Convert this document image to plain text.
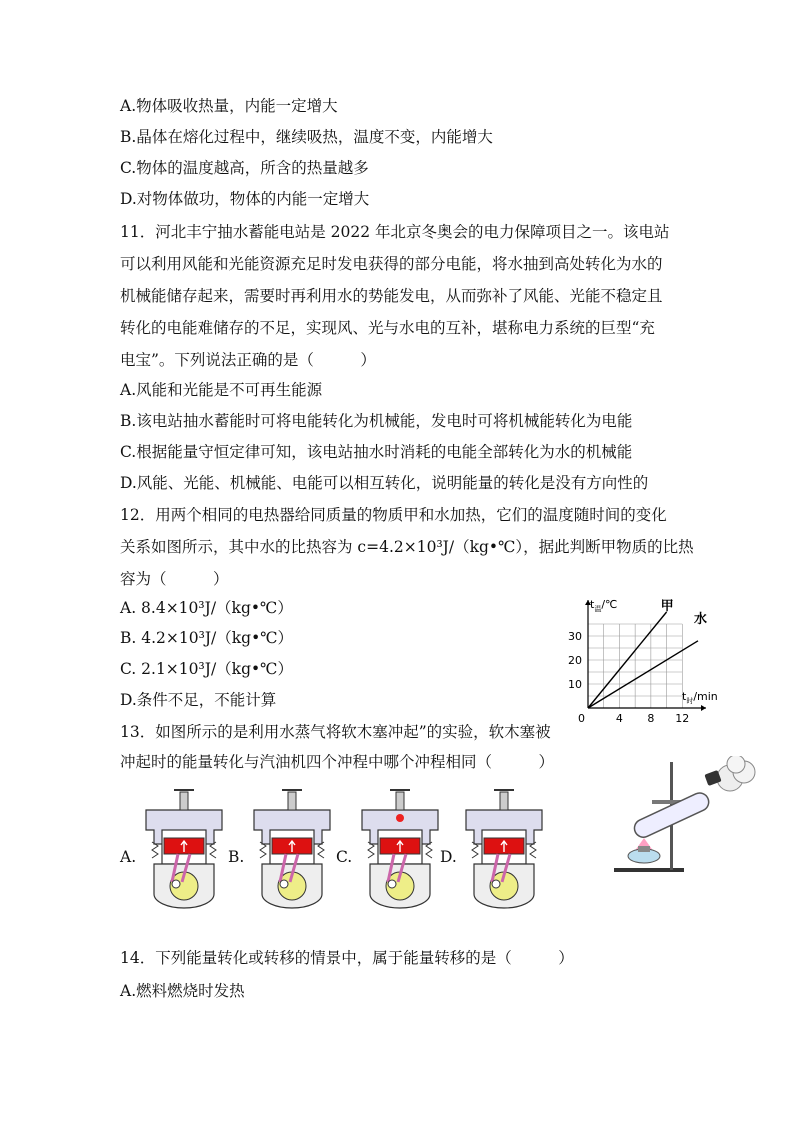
A.物体吸收热量，内能一定增大
B.晶体在熔化过程中，继续吸热，温度不变，内能增大
C.物体的温度越高，所含的热量越多
D.对物体做功，物体的内能一定增大
11．河北丰宁抽水蓄能电站是 2022 年北京冬奥会的电力保障项目之一。该电站
可以利用风能和光能资源充足时发电获得的部分电能，将水抽到高处转化为水的
机械能储存起来，需要时再利用水的势能发电，从而弥补了风能、光能不稳定且
转化的电能难储存的不足，实现风、光与水电的互补，堪称电力系统的巨型“充
电宝”。下列说法正确的是（　　　）
A.风能和光能是不可再生能源
B.该电站抽水蓄能时可将电能转化为机械能，发电时可将机械能转化为电能
C.根据能量守恒定律可知，该电站抽水时消耗的电能全部转化为水的机械能
D.风能、光能、机械能、电能可以相互转化，说明能量的转化是没有方向性的
12．用两个相同的电热器给同质量的物质甲和水加热，它们的温度随时间的变化
关系如图所示，其中水的比热容为 c=4.2×10³J/（kg•℃），据此判断甲物质的比热
容为（　　　）
A. 8.4×10³J/（kg•℃）
B. 4.2×10³J/（kg•℃）
C. 2.1×10³J/（kg•℃）
D.条件不足，不能计算
甲
水
4 8 12
10
20
30
0
$t_温/℃$
$t_时/\min$
13．如图所示的是利用水蒸气将软木塞冲起”的实验，软木塞被
冲起时的能量转化与汽油机四个冲程中哪个冲程相同（　　　）
A.	B.	C.	D.
14．下列能量转化或转移的情景中，属于能量转移的是（　　　）
A.燃料燃烧时发热
